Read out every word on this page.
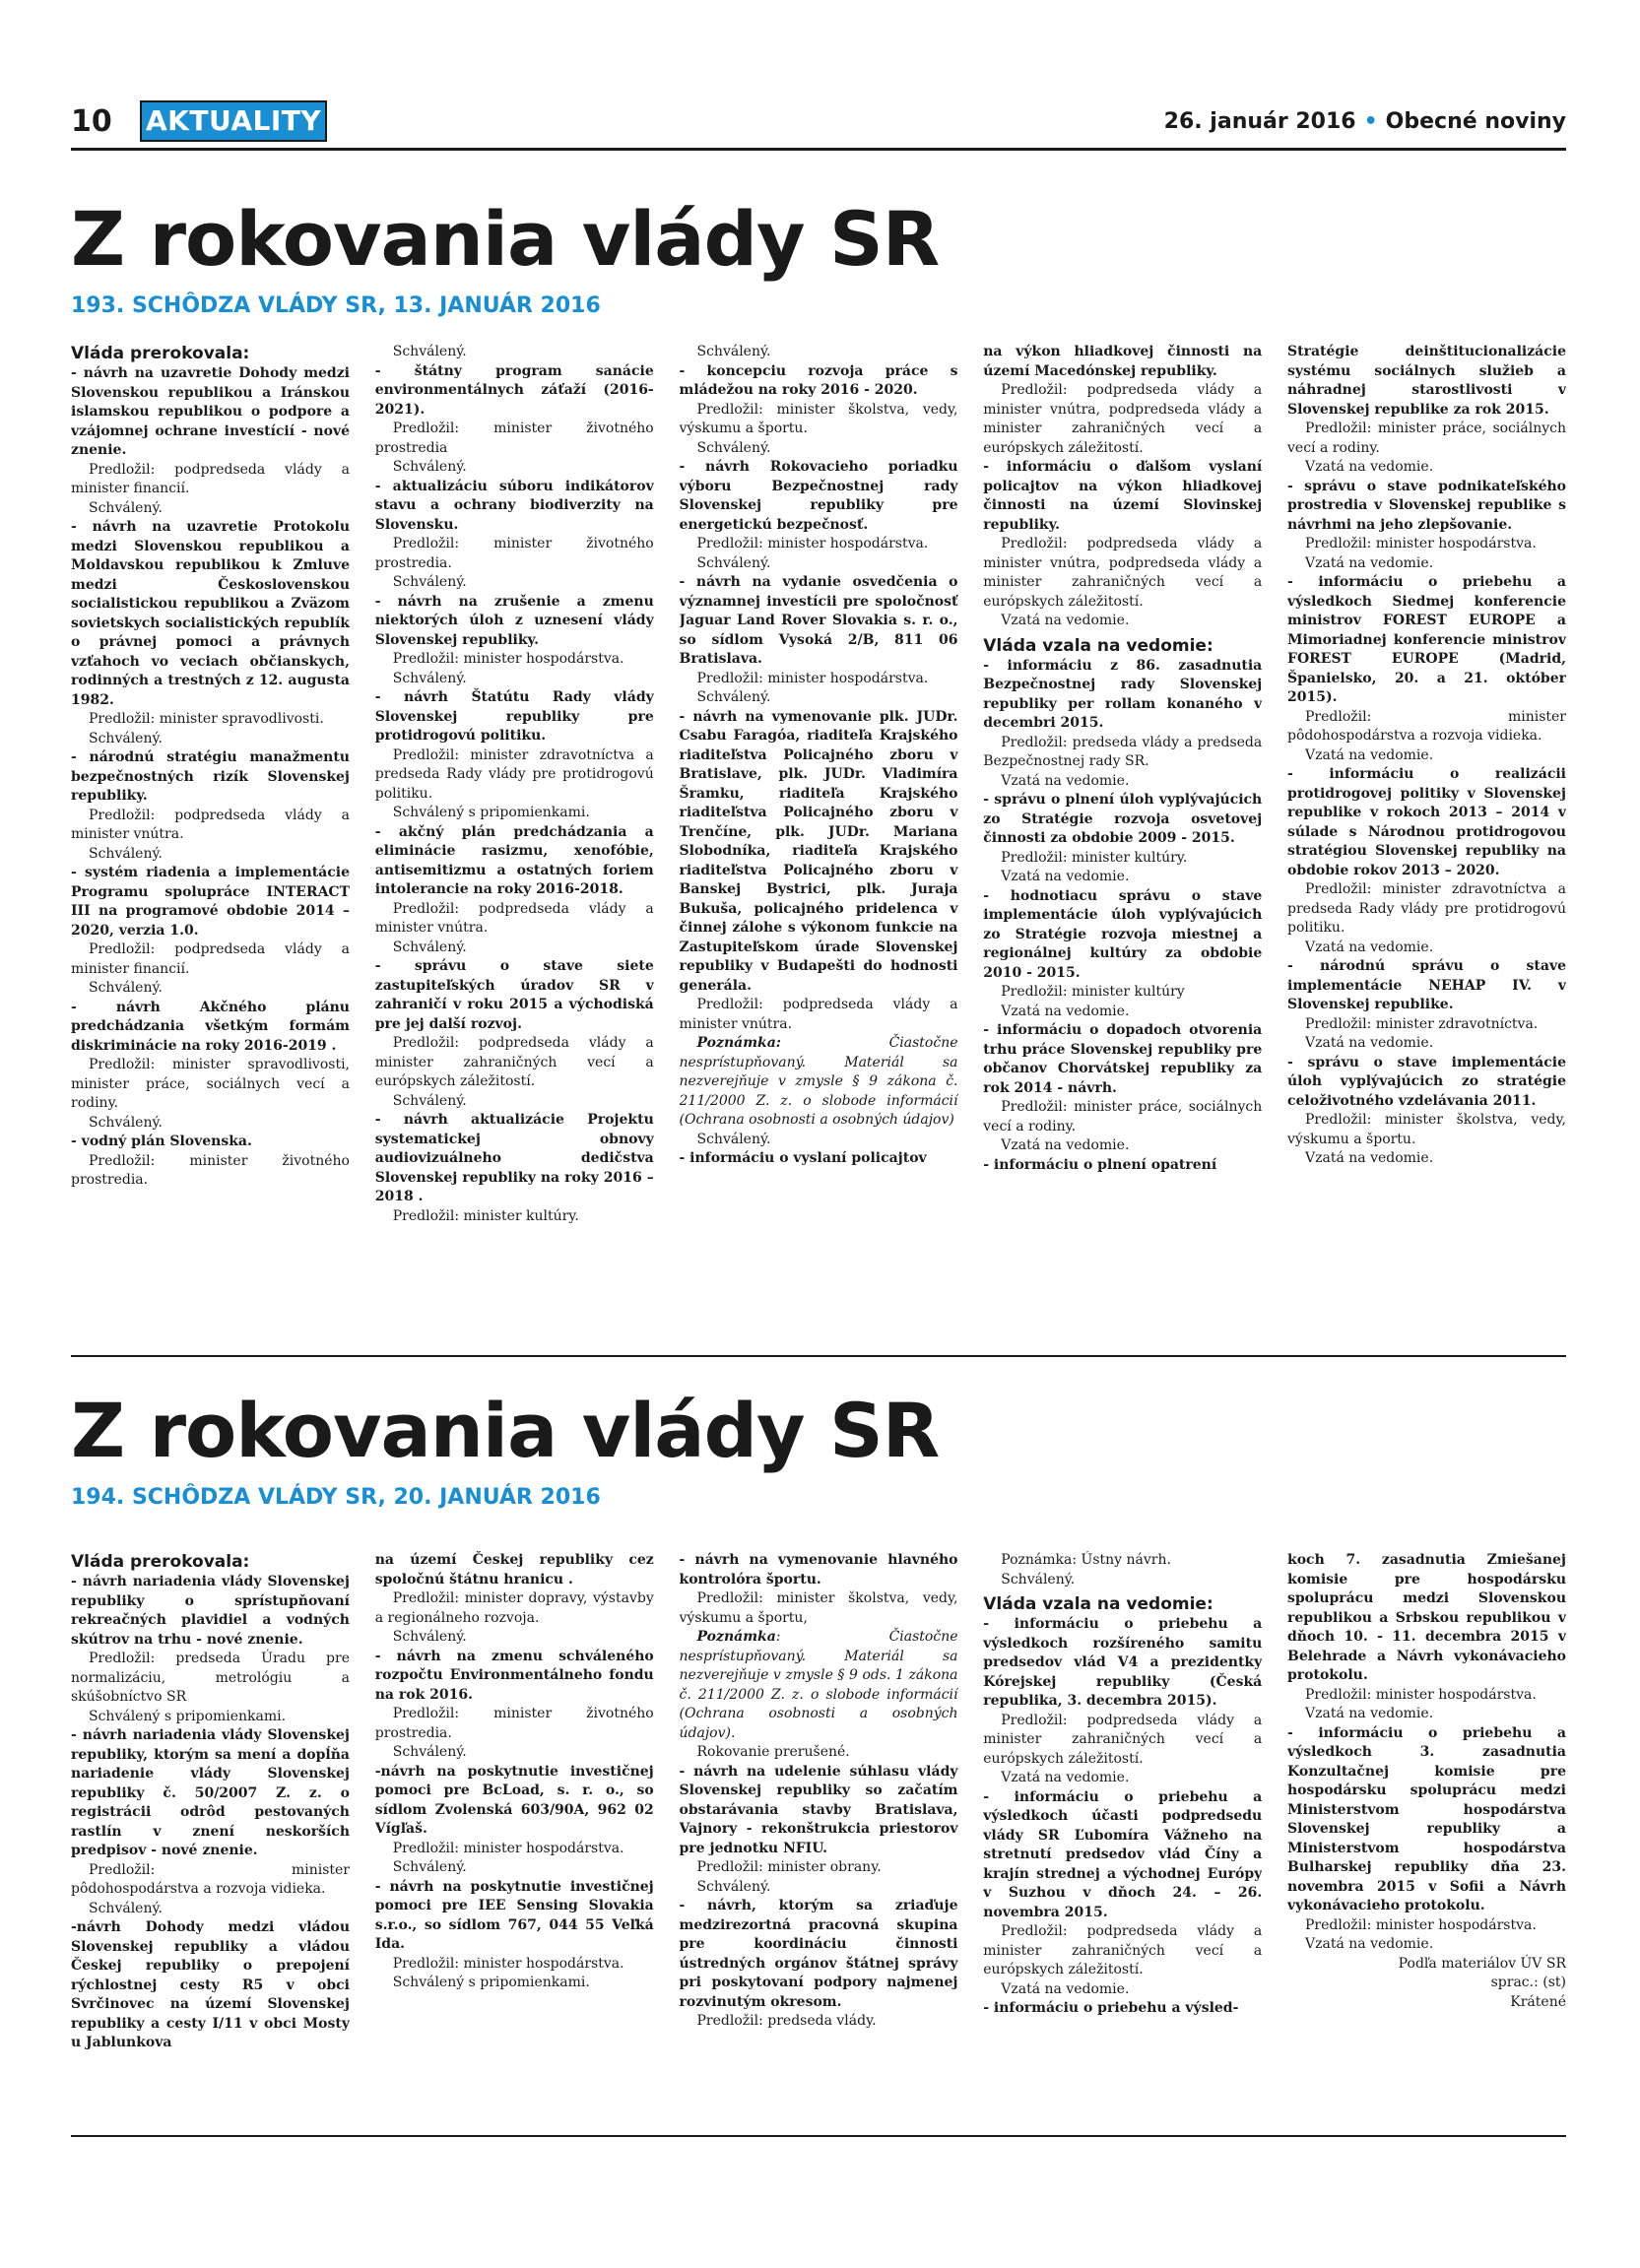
10 AKTUALITY	26. január 2016 • Obecné noviny
Z rokovania vlády SR
193. SCHÔDZA VLÁDY SR, 13. JANUÁR 2016

Vláda prerokovala:

- návrh na uzavretie Dohody medzi Slovenskou republikou a Iránskou islamskou republikou o podpore a vzájomnej ochrane investícií - nové znenie.

Predložil: podpredseda vlády a minister financií.

Schválený.

- návrh na uzavretie Protokolu medzi Slovenskou republikou a Moldavskou republikou k Zmluve medzi Československou socialistickou republikou a Zväzom sovietskych socialistických republík o právnej pomoci a právnych vzťahoch vo veciach občianskych, rodinných a trestných z 12. augusta 1982.

Predložil: minister spravodlivosti.

Schválený.

- národnú stratégiu manažmentu bezpečnostných rizík Slovenskej republiky.

Predložil: podpredseda vlády a minister vnútra.

Schválený.

- systém riadenia a implementácie Programu spolupráce INTERACT III na programové obdobie 2014 – 2020, verzia 1.0.

Predložil: podpredseda vlády a minister financií.

Schválený.

- návrh Akčného plánu predchádzania všetkým formám diskriminácie na roky 2016-2019 .

Predložil: minister spravodlivosti, minister práce, sociálnych vecí a rodiny.

Schválený.

- vodný plán Slovenska.

Predložil: minister životného prostredia.

Schválený.

- štátny program sanácie environmentálnych záťaží (2016-2021).

Predložil: minister životného prostredia

Schválený.

- aktualizáciu súboru indikátorov stavu a ochrany biodiverzity na Slovensku.

Predložil: minister životného prostredia.

Schválený.

- návrh na zrušenie a zmenu niektorých úloh z uznesení vlády Slovenskej republiky.

Predložil: minister hospodárstva.

Schválený.

- návrh Štatútu Rady vlády Slovenskej republiky pre protidrogovú politiku.

Predložil: minister zdravotníctva a predseda Rady vlády pre protidrogovú politiku.

Schválený s pripomienkami.

- akčný plán predchádzania a eliminácie rasizmu, xenofóbie, antisemitizmu a ostatných foriem intolerancie na roky 2016-2018.

Predložil: podpredseda vlády a minister vnútra.

Schválený.

- správu o stave siete zastupiteľských úradov SR v zahraničí v roku 2015 a východiská pre jej další rozvoj.

Predložil: podpredseda vlády a minister zahraničných vecí a európskych záležitostí.

Schválený.

- návrh aktualizácie Projektu systematickej obnovy audiovizuálneho dedičstva Slovenskej republiky na roky 2016 – 2018 .

Predložil: minister kultúry.

Schválený.

- koncepciu rozvoja práce s mládežou na roky 2016 - 2020.

Predložil: minister školstva, vedy, výskumu a športu.

Schválený.

- návrh Rokovacieho poriadku výboru Bezpečnostnej rady Slovenskej republiky pre energetickú bezpečnosť.

Predložil: minister hospodárstva.

Schválený.

- návrh na vydanie osvedčenia o významnej investícii pre spoločnosť Jaguar Land Rover Slovakia s. r. o., so sídlom Vysoká 2/B, 811 06 Bratislava.

Predložil: minister hospodárstva.

Schválený.

- návrh na vymenovanie plk. JUDr. Csabu Faragóa, riaditeľa Krajského riaditeľstva Policajného zboru v Bratislave, plk. JUDr. Vladimíra Šramku, riaditeľa Krajského riaditeľstva Policajného zboru v Trenčíne, plk. JUDr. Mariana Slobodníka, riaditeľa Krajského riaditeľstva Policajného zboru v Banskej Bystrici, plk. Juraja Bukuša, policajného pridelenca v činnej zálohe s výkonom funkcie na Zastupiteľskom úrade Slovenskej republiky v Budapešti do hodnosti generála.

Predložil: podpredseda vlády a minister vnútra.

Poznámka: Čiastočne nesprístupňovaný. Materiál sa nezverejňuje v zmysle § 9 zákona č. 211/2000 Z. z. o slobode informácií (Ochrana osobnosti a osobných údajov)

Schválený.

- informáciu o vyslaní policajtov

na výkon hliadkovej činnosti na území Macedónskej republiky.

Predložil: podpredseda vlády a minister vnútra, podpredseda vlády a minister zahraničných vecí a európskych záležitostí.

- informáciu o ďalšom vyslaní policajtov na výkon hliadkovej činnosti na území Slovinskej republiky.

Predložil: podpredseda vlády a minister vnútra, podpredseda vlády a minister zahraničných vecí a európskych záležitostí.

Vzatá na vedomie.

Vláda vzala na vedomie:

- informáciu z 86. zasadnutia Bezpečnostnej rady Slovenskej republiky per rollam konaného v decembri 2015.

Predložil: predseda vlády a predseda Bezpečnostnej rady SR.

Vzatá na vedomie.

- správu o plnení úloh vyplývajúcich zo Stratégie rozvoja osvetovej činnosti za obdobie 2009 - 2015.

Predložil: minister kultúry.

Vzatá na vedomie.

- hodnotiacu správu o stave implementácie úloh vyplývajúcich zo Stratégie rozvoja miestnej a regionálnej kultúry za obdobie 2010 - 2015.

Predložil: minister kultúry

Vzatá na vedomie.

- informáciu o dopadoch otvorenia trhu práce Slovenskej republiky pre občanov Chorvátskej republiky za rok 2014 - návrh.

Predložil: minister práce, sociálnych vecí a rodiny.

Vzatá na vedomie.

- informáciu o plnení opatrení

Stratégie deinštitucionalizácie systému sociálnych služieb a náhradnej starostlivosti v Slovenskej republike za rok 2015.

Predložil: minister práce, sociálnych vecí a rodiny.

Vzatá na vedomie.

- správu o stave podnikateľského prostredia v Slovenskej republike s návrhmi na jeho zlepšovanie.

Predložil: minister hospodárstva.

Vzatá na vedomie.

- informáciu o priebehu a výsledkoch Siedmej konferencie ministrov FOREST EUROPE a Mimoriadnej konferencie ministrov FOREST EUROPE (Madrid, Španielsko, 20. a 21. október 2015).

Predložil: minister pôdohospodárstva a rozvoja vidieka.

Vzatá na vedomie.

- informáciu o realizácii protidrogovej politiky v Slovenskej republike v rokoch 2013 – 2014 v súlade s Národnou protidrogovou stratégiou Slovenskej republiky na obdobie rokov 2013 – 2020.

Predložil: minister zdravotníctva a predseda Rady vlády pre protidrogovú politiku.

Vzatá na vedomie.

- národnú správu o stave implementácie NEHAP IV. v Slovenskej republike.

Predložil: minister zdravotníctva.

Vzatá na vedomie.

- správu o stave implementácie úloh vyplývajúcich zo stratégie celoživotného vzdelávania 2011.

Predložil: minister školstva, vedy, výskumu a športu.

Vzatá na vedomie.

Z rokovania vlády SR
194. SCHÔDZA VLÁDY SR, 20. JANUÁR 2016

Vláda prerokovala:

- návrh nariadenia vlády Slovenskej republiky o sprístupňovaní rekreačných plavidiel a vodných skútrov na trhu - nové znenie.

Predložil: predseda Úradu pre normalizáciu, metrológiu a skúšobníctvo SR

Schválený s pripomienkami.

- návrh nariadenia vlády Slovenskej republiky, ktorým sa mení a dopĺňa nariadenie vlády Slovenskej republiky č. 50/2007 Z. z. o registrácii odrôd pestovaných rastlín v znení neskorších predpisov - nové znenie.

Predložil: minister pôdohospodárstva a rozvoja vidieka.

Schválený.

-návrh Dohody medzi vládou Slovenskej republiky a vládou Českej republiky o prepojení rýchlostnej cesty R5 v obci Svrčinovec na území Slovenskej republiky a cesty I/11 v obci Mosty u Jablunkova

na území Českej republiky cez spoločnú štátnu hranicu .

Predložil: minister dopravy, výstavby a regionálneho rozvoja.

Schválený.

- návrh na zmenu schváleného rozpočtu Environmentálneho fondu na rok 2016.

Predložil: minister životného prostredia.

Schválený.

-návrh na poskytnutie investičnej pomoci pre BcLoad, s. r. o., so sídlom Zvolenská 603/90A, 962 02 Vígľaš.

Predložil: minister hospodárstva.

Schválený.

- návrh na poskytnutie investičnej pomoci pre IEE Sensing Slovakia s.r.o., so sídlom 767, 044 55 Veľká Ida.

Predložil: minister hospodárstva.

Schválený s pripomienkami.

- návrh na vymenovanie hlavného kontrolóra športu.

Predložil: minister školstva, vedy, výskumu a športu,

Poznámka: Čiastočne nesprístupňovaný. Materiál sa nezverejňuje v zmysle § 9 ods. 1 zákona č. 211/2000 Z. z. o slobode informácií (Ochrana osobnosti a osobných údajov).

Rokovanie prerušené.

- návrh na udelenie súhlasu vlády Slovenskej republiky so začatím obstarávania stavby Bratislava, Vajnory - rekonštrukcia priestorov pre jednotku NFIU.

Predložil: minister obrany.

Schválený.

- návrh, ktorým sa zriaďuje medzirezortná pracovná skupina pre koordináciu činnosti ústredných orgánov štátnej správy pri poskytovaní podpory najmenej rozvinutým okresom.

Predložil: predseda vlády.

Poznámka: Ústny návrh.

Schválený.

Vláda vzala na vedomie:

- informáciu o priebehu a výsledkoch rozšíreného samitu predsedov vlád V4 a prezidentky Kórejskej republiky (Česká republika, 3. decembra 2015).

Predložil: podpredseda vlády a minister zahraničných vecí a európskych záležitostí.

Vzatá na vedomie.

- informáciu o priebehu a výsledkoch účasti podpredsedu vlády SR Ľubomíra Vážneho na stretnutí predsedov vlád Číny a krajín strednej a východnej Európy v Suzhou v dňoch 24. – 26. novembra 2015.

Predložil: podpredseda vlády a minister zahraničných vecí a európskych záležitostí.

Vzatá na vedomie.

- informáciu o priebehu a výsled-

koch 7. zasadnutia Zmiešanej komisie pre hospodársku spoluprácu medzi Slovenskou republikou a Srbskou republikou v dňoch 10. - 11. decembra 2015 v Belehrade a Návrh vykonávacieho protokolu.

Predložil: minister hospodárstva.

Vzatá na vedomie.

- informáciu o priebehu a výsledkoch 3. zasadnutia Konzultačnej komisie pre hospodársku spoluprácu medzi Ministerstvom hospodárstva Slovenskej republiky a Ministerstvom hospodárstva Bulharskej republiky dňa 23. novembra 2015 v Sofii a Návrh vykonávacieho protokolu.

Predložil: minister hospodárstva.

Vzatá na vedomie.

Podľa materiálov ÚV SR

sprac.: (st)

Krátené
